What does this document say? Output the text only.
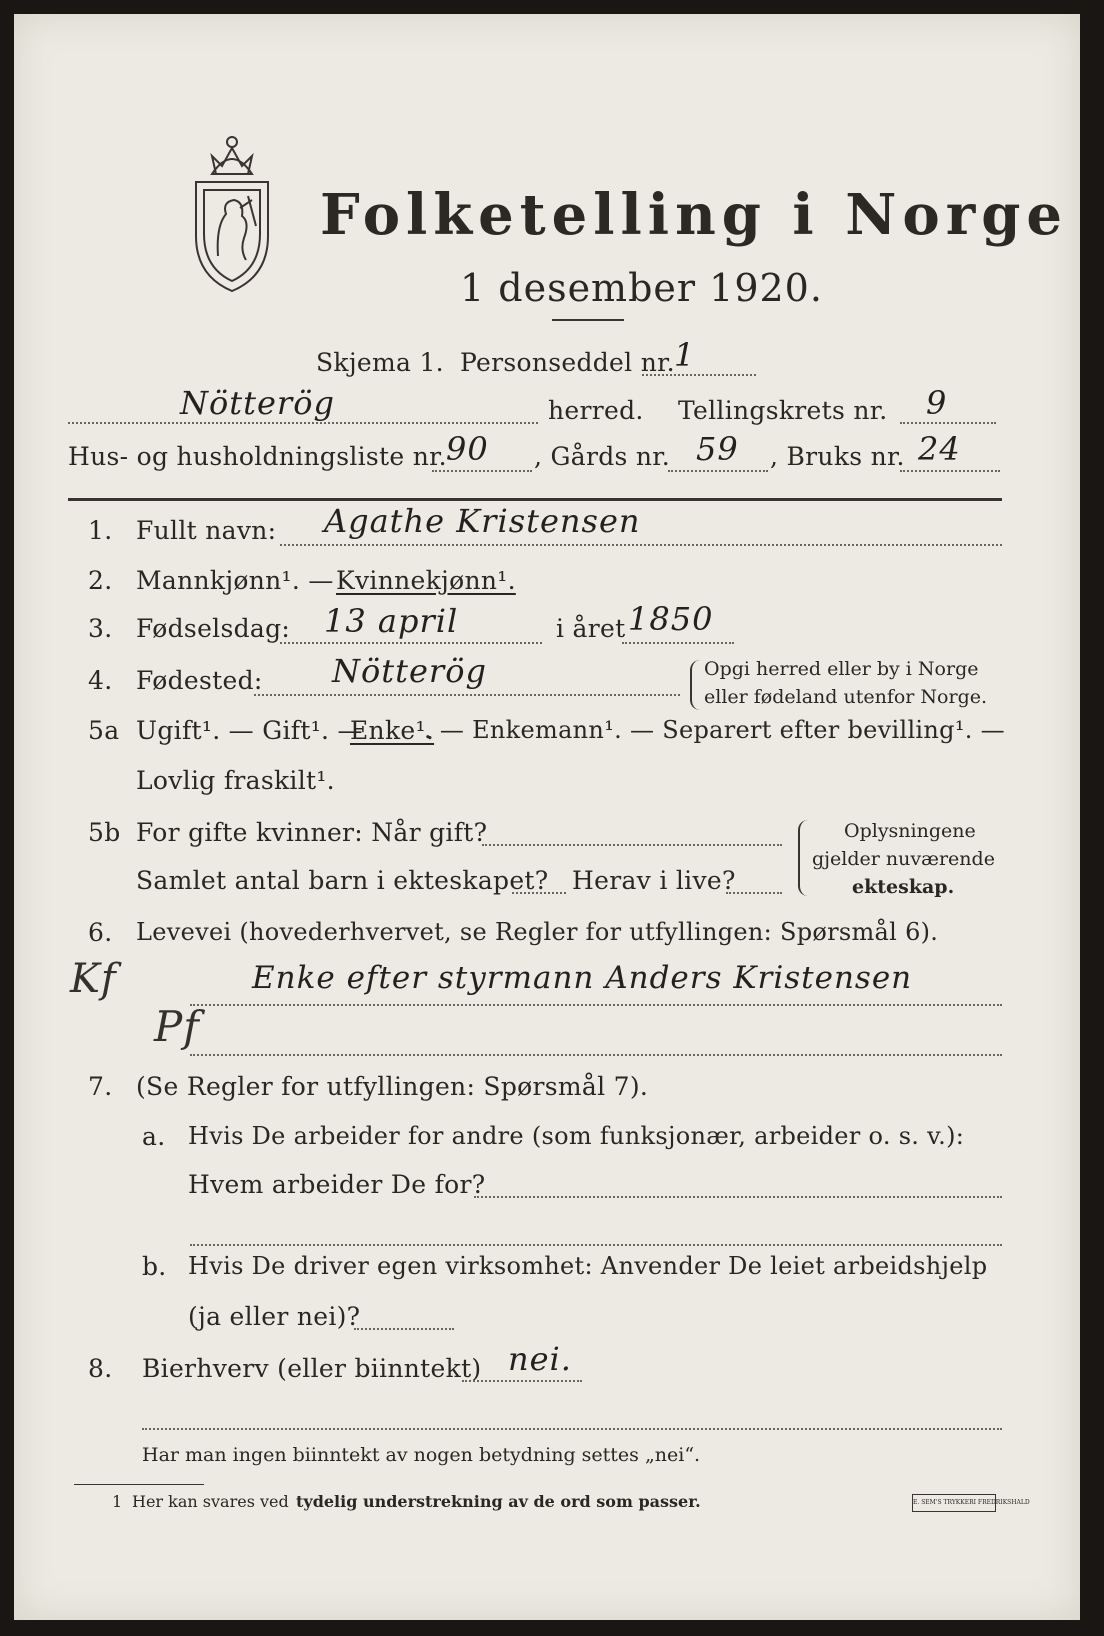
Folketelling i Norge
1 desember 1920.
Skjema 1. Personseddel nr. 1
Nötterög	herred. Tellingskrets nr. 9
Hus- og husholdningsliste nr. 90 , Gårds nr. 59 , Bruks nr. 24
1. Fullt navn: Agathe Kristensen
2. Mannkjønn¹. — Kvinnekjønn¹.
3. Fødselsdag: 13 april	i året 1850
4. Fødested: Nötterög	Opgi herred eller by i Norge
eller fødeland utenfor Norge.
5a Ugift¹. — Gift¹. —
Enke¹.
. — Enkemann¹. — Separert efter bevilling¹. —
Lovlig fraskilt¹.
5b For gifte kvinner: Når gift?
Samlet antal barn i ekteskapet? Herav i live?
Oplysningene
gjelder nuværende
ekteskap.
6. Levevei (hovederhvervet, se Regler for utfyllingen: Spørsmål 6).
Kf
Pf
Enke efter styrmann Anders Kristensen
7. (Se Regler for utfyllingen: Spørsmål 7).
a. Hvis De arbeider for andre (som funksjonær, arbeider o. s. v.):
Hvem arbeider De for?
b. Hvis De driver egen virksomhet: Anvender De leiet arbeidshjelp
(ja eller nei)?
8. Bierhverv (eller biinntekt) nei.
Har man ingen biinntekt av nogen betydning settes „nei“.
1 Her kan svares ved tydelig understrekning av de ord som passer.	E. SEM'S TRYKKERI FREDRIKSHALD
